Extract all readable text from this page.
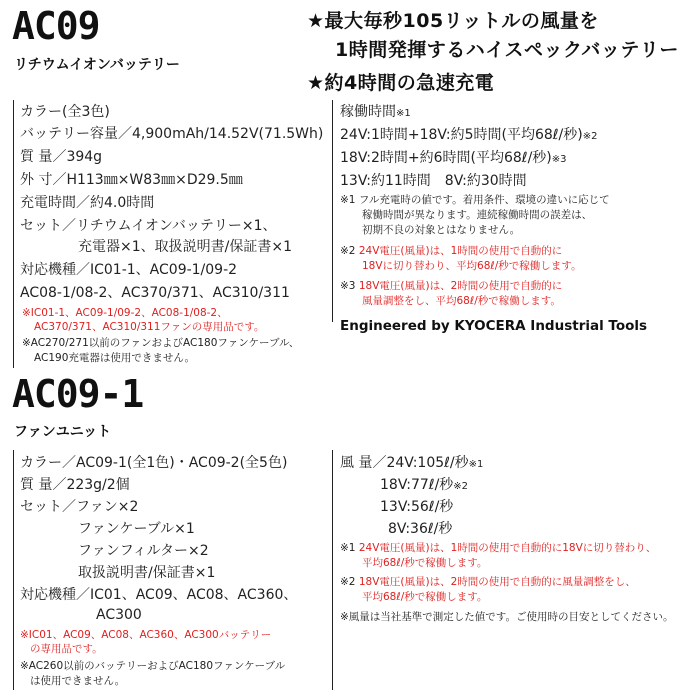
AC09
リチウムイオンバッテリー
★最大毎秒105リットルの風量を
1時間発揮するハイスペックバッテリー
★約4時間の急速充電
カラー(全3色)
バッテリー容量／4,900mAh/14.52V(71.5Wh)
質 量／394g
外 寸／H113㎜×W83㎜×D29.5㎜
充電時間／約4.0時間
セット／リチウムイオンバッテリー×1、
充電器×1、取扱説明書/保証書×1
対応機種／IC01-1、AC09-1/09-2
AC08-1/08-2、AC370/371、AC310/311
※IC01-1、AC09-1/09-2、AC08-1/08-2、
AC370/371、AC310/311ファンの専用品です。
※AC270/271以前のファンおよびAC180ファンケーブル、
AC190充電器は使用できません。
稼働時間※1
24V:1時間+18V:約5時間(平均68ℓ/秒)※2
18V:2時間+約6時間(平均68ℓ/秒)※3
13V:約11時間　8V:約30時間
※1 フル充電時の値です。着用条件、環境の違いに応じて
稼働時間が異なります。連続稼働時間の誤差は、
初期不良の対象とはなりません。
※2 24V電圧(風量)は、1時間の使用で自動的に
18Vに切り替わり、平均68ℓ/秒で稼働します。
※3 18V電圧(風量)は、2時間の使用で自動的に
風量調整をし、平均68ℓ/秒で稼働します。
Engineered by KYOCERA Industrial Tools
AC09-1
ファンユニット
カラー／AC09-1(全1色)・AC09-2(全5色)
質 量／223g/2個
セット／ファン×2
ファンケーブル×1
ファンフィルター×2
取扱説明書/保証書×1
対応機種／IC01、AC09、AC08、AC360、
AC300
※IC01、AC09、AC08、AC360、AC300バッテリー
の専用品です。
※AC260以前のバッテリーおよびAC180ファンケーブル
は使用できません。
風 量／24V:105ℓ/秒※1
18V:77ℓ/秒※2
13V:56ℓ/秒
8V:36ℓ/秒
※1 24V電圧(風量)は、1時間の使用で自動的に18Vに切り替わり、
平均68ℓ/秒で稼働します。
※2 18V電圧(風量)は、2時間の使用で自動的に風量調整をし、
平均68ℓ/秒で稼働します。
※風量は当社基準で測定した値です。ご使用時の目安としてください。
